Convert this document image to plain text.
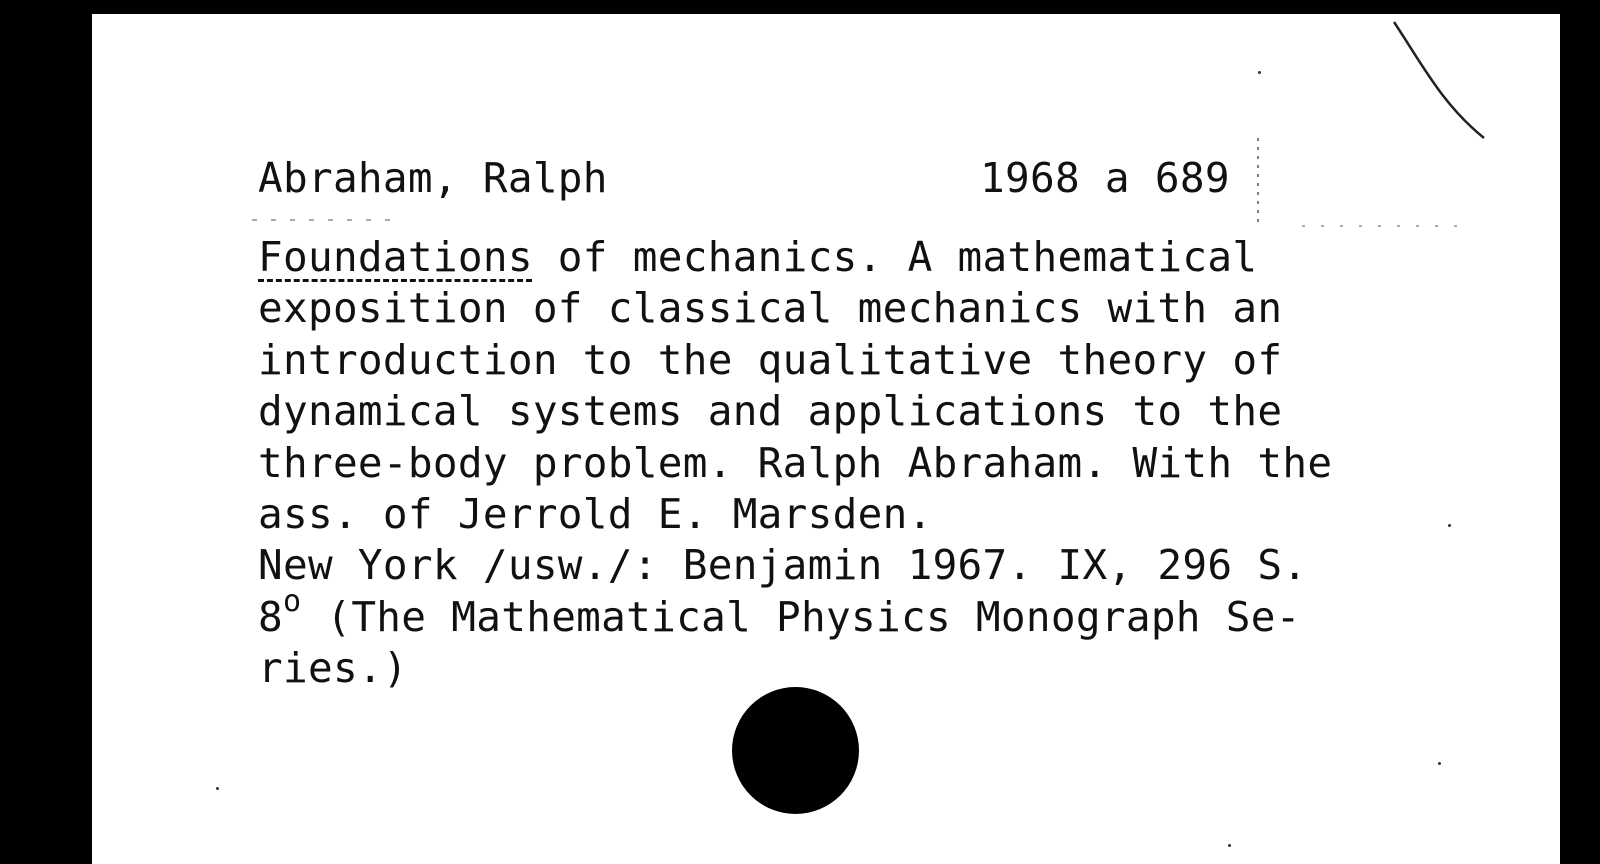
Abraham, Ralph	1968 a 689
Foundations of mechanics. A mathematical
exposition of classical mechanics with an
introduction to the qualitative theory of
dynamical systems and applications to the
three-body problem. Ralph Abraham. With the
ass. of Jerrold E. Marsden.
New York /usw./: Benjamin 1967. IX, 296 S.
8$^o$ (The Mathematical Physics Monograph Se-
ries.)
